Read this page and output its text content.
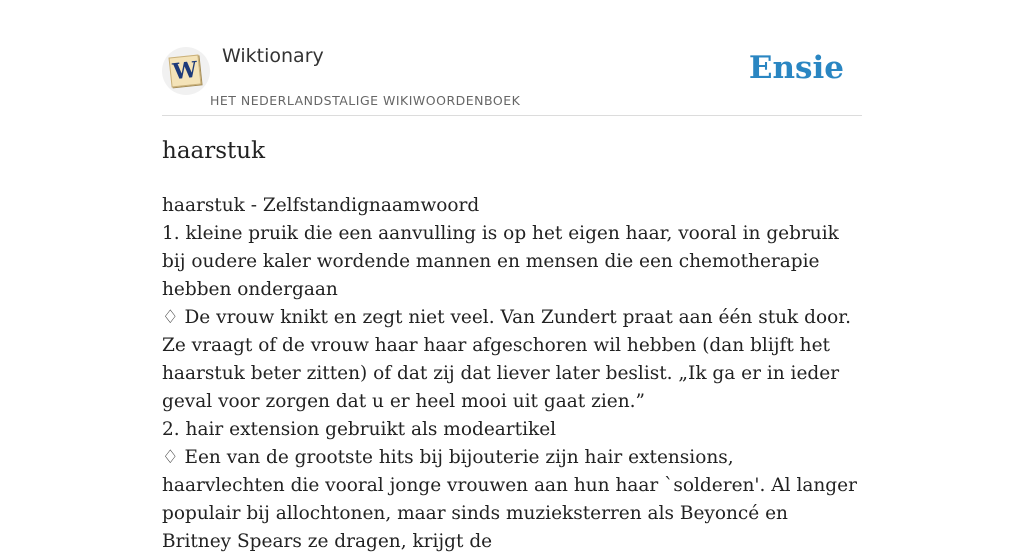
W
Wiktionary
HET NEDERLANDSTALIGE WIKIWOORDENBOEK
Ensie
haarstuk
haarstuk - Zelfstandignaamwoord
1. kleine pruik die een aanvulling is op het eigen haar, vooral in gebruik bij oudere kaler wordende mannen en mensen die een chemotherapie hebben ondergaan
♢ De vrouw knikt en zegt niet veel. Van Zundert praat aan één stuk door. Ze vraagt of de vrouw haar haar afgeschoren wil hebben (dan blijft het haarstuk beter zitten) of dat zij dat liever later beslist. „Ik ga er in ieder geval voor zorgen dat u er heel mooi uit gaat zien.”
2. hair extension gebruikt als modeartikel
♢ Een van de grootste hits bij bijouterie zijn hair extensions, haarvlechten die vooral jonge vrouwen aan hun haar `solderen'. Al langer populair bij allochtonen, maar sinds muzieksterren als Beyoncé en Britney Spears ze dragen, krijgt de
